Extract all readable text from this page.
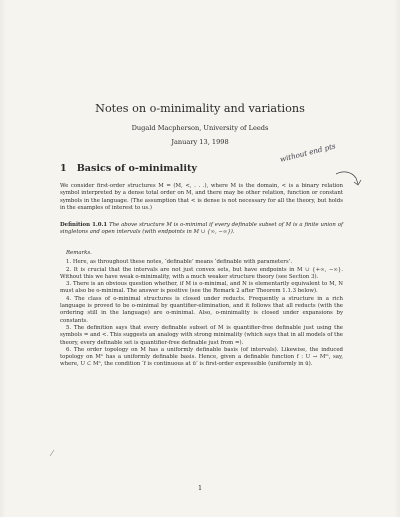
Notes on o-minimality and variations
Dugald Macpherson, University of Leeds
January 13, 1998
1 Basics of o-minimality
without end pts

We consider first-order structures M = (M, <, . . .), where M is the domain, < is a binary relation symbol interpreted by a dense total order on M, and there may be other relation, function or constant symbols in the language. (The assumption that < is dense is not necessary for all the theory, but holds in the examples of interest to us.)

Definition 1.0.1 The above structure M is o-minimal if every definable subset of M is a finite union of singletons and open intervals (with endpoints in M ∪ {∞, −∞}).

Remarks.

1. Here, as throughout these notes, ‘definable’ means ‘definable with parameters’.

2. It is crucial that the intervals are not just convex sets, but have endpoints in M ∪ {+∞, −∞}. Without this we have weak o-minimality, with a much weaker structure theory (see Section 3).

3. There is an obvious question whether, if M is o-minimal, and N is elementarily equivalent to M, N must also be o-minimal. The answer is positive (see the Remark 2 after Theorem 1.1.3 below).

4. The class of o-minimal structures is closed under reducts. Frequently a structure in a rich language is proved to be o-minimal by quantifier-elimination, and it follows that all reducts (with the ordering still in the language) are o-minimal. Also, o-minimality is closed under expansions by constants.

5. The definition says that every definable subset of M is quantifier-free definable just using the symbols = and <. This suggests an analogy with strong minimality (which says that in all models of the theory, every definable set is quantifier-free definable just from =).

6. The order topology on M has a uniformly definable basis (of intervals). Likewise, the induced topology on Mⁿ has a uniformly definable basis. Hence, given a definable function f : U → Mᵐ, say, where, U ⊂ Mⁿ, the condition ‘f is continuous at ū’ is first-order expressible (uniformly in ū).

1
